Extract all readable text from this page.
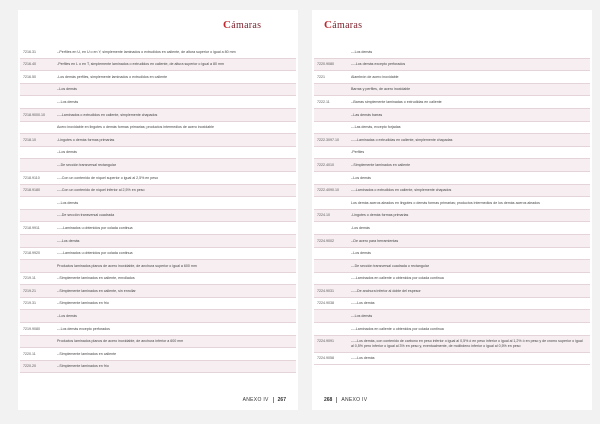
Cámaras
7216.31	--Perfiles en U, en U o en Y, simplemente laminados o extrudidos en caliente, de altura superior o igual a 80 mm
7216.40	-Perfiles en L o en T, simplemente laminados o extrudidos en caliente, de altura superior o igual a 80 mm
7216.50	-Los demás perfiles, simplemente laminados o extrudidos en caliente
--Los demás
---Los demás
7218.9000.10	----Laminados o extrudidos en caliente, simplemente chapados
Acero inoxidable en lingotes o demás formas primarias; productos intermedios de acero inoxidable
7218.10	-Lingotes o demás formas primarias
--Los demás
---De sección transversal rectangular
7218.9110	----Con un contenido de níquel superior o igual al 2,5% en peso
7218.9180	----Con un contenido de níquel inferior al 2,5% en peso
---Los demás
----De sección transversal cuadrada
7218.9911	-----Laminados u obtenidos por colada continua
----Los demás
7218.9920	-----Laminados u obtenidos por colada continua
Productos laminados planos de acero inoxidable, de anchura superior o igual a 600 mm
7219.11	--Simplemente laminados en caliente, enrollados
7219.21	--Simplemente laminados en caliente, sin enrollar
7219.31	--Simplemente laminados en frío
--Los demás
7219.9080	---Los demás excepto perforados
Productos laminados planos de acero inoxidable, de anchura inferior a 600 mm
7220.11	--Simplemente laminados en caliente
7220.20	--Simplemente laminados en frío
ANEXO IV	267
Cámaras
---Los demás
7220.9080	----Los demás excepto perforados
7221	Alambrón de acero inoxidable
Barras y perfiles, de acero inoxidable
7222.11	--Barras simplemente laminadas o extrudidas en caliente
--Las demás barras
---Las demás, excepto forjadas
7222.3097.10	-----Laminadas o extrudidas en caliente, simplemente chapadas
-Perfiles
7222.4010	--Simplemente laminados en caliente
--Los demás
7222.4090.10	----Laminados o extrudidos en caliente, simplemente chapados
Los demás aceros aleados en lingotes o demás formas primarias; productos intermedios de los demás aceros aleados
7224.10	-Lingotes o demás formas primarias
-Los demás
7224.9002	--De acero para herramientas
--Los demás
---De sección transversal cuadrada o rectangular
----Laminados en caliente u obtenidos por colada continua
7224.9031	-----De anchura inferior al doble del espesor
7224.9038	-----Los demás
---Los demás
----Laminados en caliente u obtenidos por colada continua
7224.9091	-----Los demás, con contenido de carbono en peso inferior o igual al 0,5% ó en peso inferior o igual al 1,2% ó en peso y de cromo superior o igual al 0,5% pero inferior o igual al 3% en peso y, eventualmente, de molibdeno inferior o igual al 0,5% en peso
7224.9058	-----Los demás
268	ANEXO IV
